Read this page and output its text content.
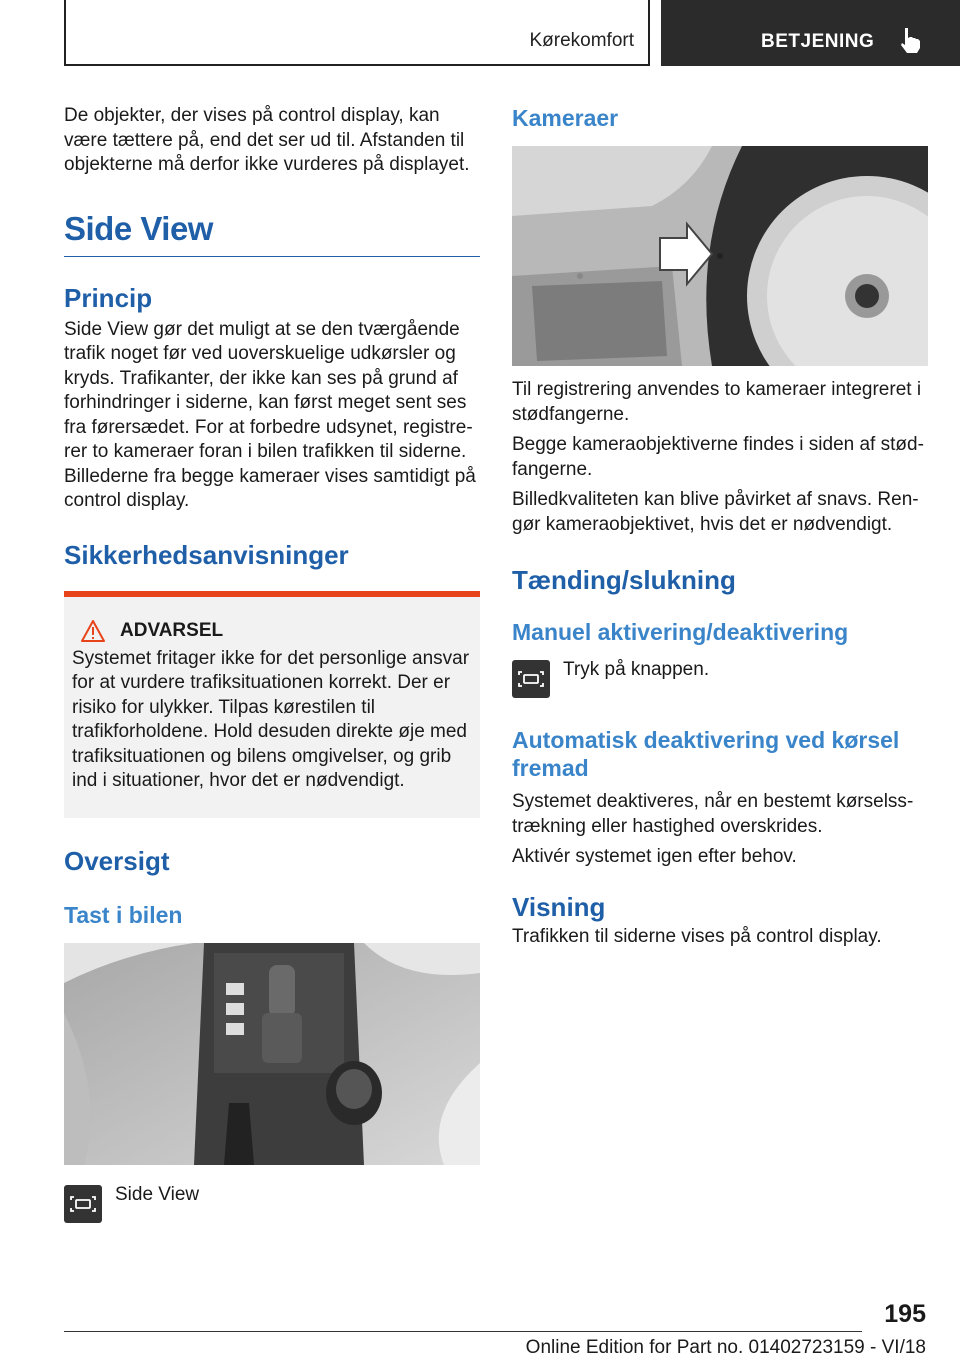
Kørekomfort	BETJENING

De objekter, der vises på control display, kan være tættere på, end det ser ud til. Afstanden til objekterne må derfor ikke vurderes på displayet.

Side View
Princip

Side View gør det muligt at se den tværgående trafik noget før ved uoverskuelige udkørsler og kryds. Trafikanter, der ikke kan ses på grund af forhindringer i siderne, kan først meget sent ses fra førersædet. For at forbedre udsynet, registrerer to kameraer foran i bilen trafikken til siderne. Billederne fra begge kameraer vises samtidigt på control display.

Sikkerhedsanvisninger
ADVARSEL

Systemet fritager ikke for det personlige ansvar for at vurdere trafiksituationen korrekt. Der er risiko for ulykker. Tilpas kørestilen til trafikforholdene. Hold desuden direkte øje med trafiksituationen og bilens omgivelser, og grib ind i situationer, hvor det er nødvendigt.

Oversigt
Tast i bilen
Side View
Kameraer

Til registrering anvendes to kameraer integreret i stødfangerne.

Begge kameraobjektiverne findes i siden af stødfangerne.

Billedkvaliteten kan blive påvirket af snavs. Rengør kameraobjektivet, hvis det er nødvendigt.

Tænding/slukning
Manuel aktivering/deaktivering
Tryk på knappen.
Automatisk deaktivering ved kørsel fremad

Systemet deaktiveres, når en bestemt kørselsstrækning eller hastighed overskrides.

Aktivér systemet igen efter behov.

Visning

Trafikken til siderne vises på control display.

195
Online Edition for Part no. 01402723159 - VI/18
